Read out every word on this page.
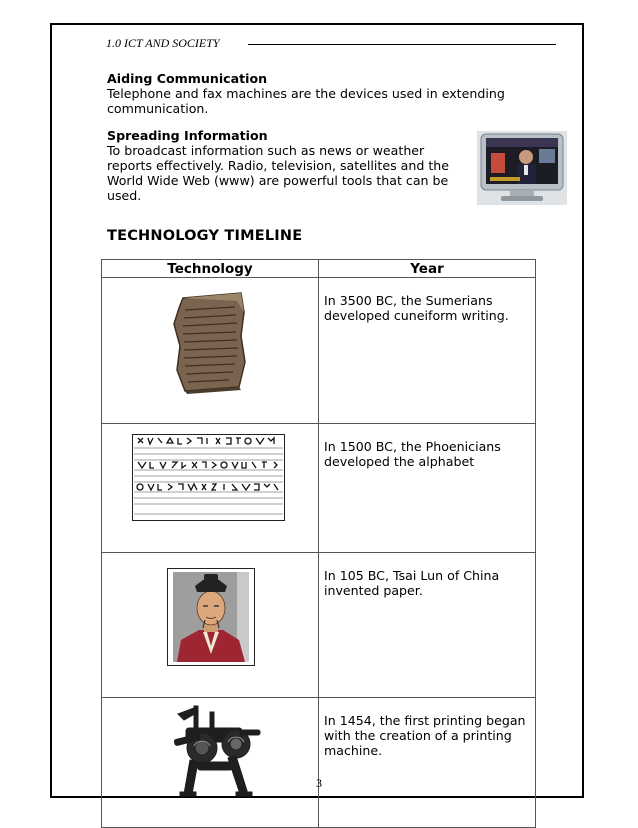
1.0 ICT AND SOCIETY
Aiding Communication
Telephone and fax machines are the devices used in extending communication.
Spreading Information
To broadcast information such as news or weather reports effectively. Radio, television, satellites and the World Wide Web (www) are powerful tools that can be used.
TECHNOLOGY TIMELINE
Technology	Year

	In 3500 BC, the Sumerians developed cuneiform writing.

	In 1500 BC, the Phoenicians developed the alphabet

	In 105 BC, Tsai Lun of China invented paper.

	In 1454, the first printing began with the creation of a printing machine.
3
